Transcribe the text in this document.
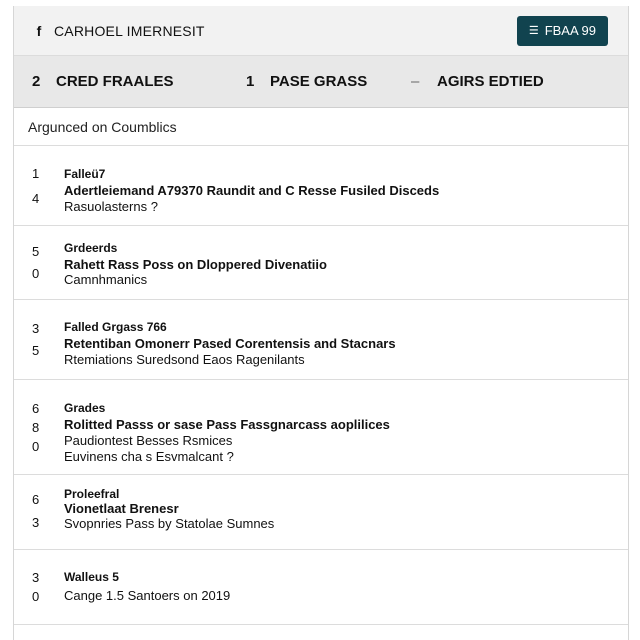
f CARHOEL IMERNESIT	☰ FBAA 99
2	CRED FRAALES	1	PASE GRASS	–	AGIRS EDTIED
Argunced on Coumblics
1
4
Falleü7
Adertleiemand A79370 Raundit and C Resse Fusiled Disceds
Rasuolasterns ?
5
0
Grdeerds
Rahett Rass Poss on Dloppered Divenatiio
Camnhmanics
3
5
Falled Grgass 766
Retentiban Omonerr Pased Corentensis and Stacnars
Rtemiations Suredsond Eaos Ragenilants
6
8
0
Grades
Rolitted Passs or sase Pass Fassgnarcass aoplilices
Paudiontest Besses Rsmices
Euvinens cha s Esvmalcant ?
6
3
Proleefral
Vionetlaat Brenesr
Svopnries Pass by Statolae Sumnes
3
0
Walleus 5
Cange 1.5 Santoers on 2019
